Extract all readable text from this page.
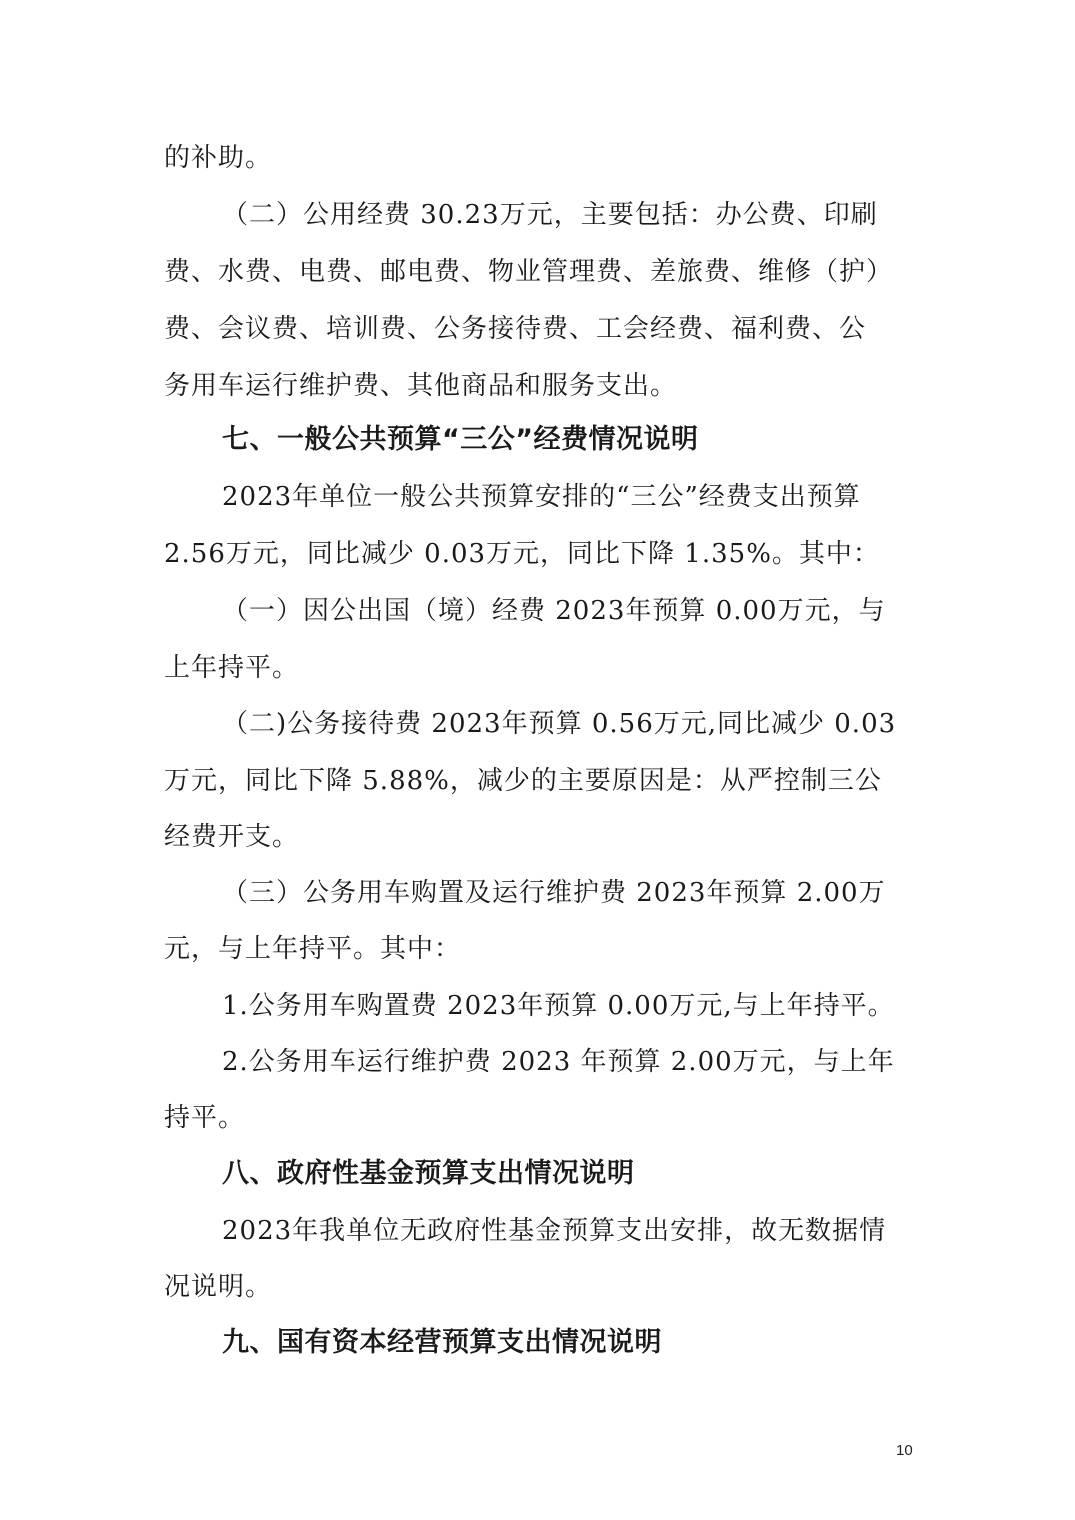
的补助。
（二）公用经费 30.23万元，主要包括：办公费、印刷
费、水费、电费、邮电费、物业管理费、差旅费、维修（护）
费、会议费、培训费、公务接待费、工会经费、福利费、公
务用车运行维护费、其他商品和服务支出。
七、一般公共预算“三公”经费情况说明
2023年单位一般公共预算安排的“三公”经费支出预算
2.56万元，同比减少 0.03万元，同比下降 1.35%。其中：
（一）因公出国（境）经费 2023年预算 0.00万元，与
上年持平。
（二)公务接待费 2023年预算 0.56万元,同比减少 0.03
万元，同比下降 5.88%，减少的主要原因是：从严控制三公
经费开支。
（三）公务用车购置及运行维护费 2023年预算 2.00万
元，与上年持平。其中：
1.公务用车购置费 2023年预算 0.00万元,与上年持平。
2.公务用车运行维护费 2023 年预算 2.00万元，与上年
持平。
八、政府性基金预算支出情况说明
2023年我单位无政府性基金预算支出安排，故无数据情
况说明。
九、国有资本经营预算支出情况说明
10
